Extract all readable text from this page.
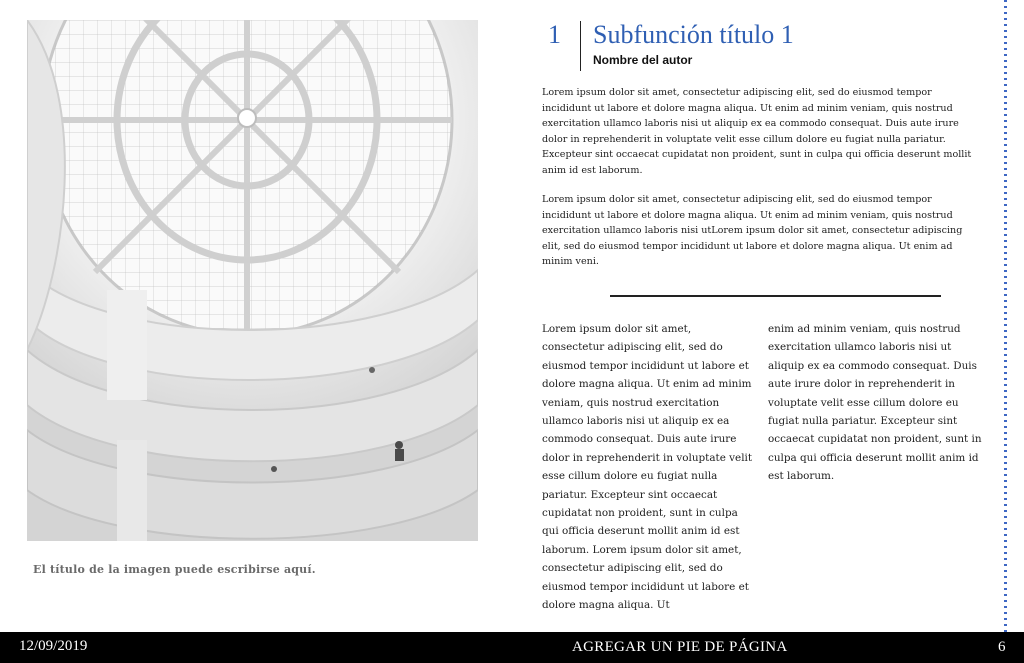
El título de la imagen puede escribirse aquí.
1 Subfunción título 1
Nombre del autor

Lorem ipsum dolor sit amet, consectetur adipiscing elit, sed do eiusmod tempor incididunt ut labore et dolore magna aliqua. Ut enim ad minim veniam, quis nostrud exercitation ullamco laboris nisi ut aliquip ex ea commodo consequat. Duis aute irure dolor in reprehenderit in voluptate velit esse cillum dolore eu fugiat nulla pariatur. Excepteur sint occaecat cupidatat non proident, sunt in culpa qui officia deserunt mollit anim id est laborum.

Lorem ipsum dolor sit amet, consectetur adipiscing elit, sed do eiusmod tempor incididunt ut labore et dolore magna aliqua. Ut enim ad minim veniam, quis nostrud exercitation ullamco laboris nisi utLorem ipsum dolor sit amet, consectetur adipiscing elit, sed do eiusmod tempor incididunt ut labore et dolore magna aliqua. Ut enim ad minim veni.

Lorem ipsum dolor sit amet, consectetur adipiscing elit, sed do eiusmod tempor incididunt ut labore et dolore magna aliqua. Ut enim ad minim veniam, quis nostrud exercitation ullamco laboris nisi ut aliquip ex ea commodo consequat. Duis aute irure dolor in reprehenderit in voluptate velit esse cillum dolore eu fugiat nulla pariatur. Excepteur sint occaecat cupidatat non proident, sunt in culpa qui officia deserunt mollit anim id est laborum. Lorem ipsum dolor sit amet, consectetur adipiscing elit, sed do eiusmod tempor incididunt ut labore et dolore magna aliqua. Ut

enim ad minim veniam, quis nostrud exercitation ullamco laboris nisi ut aliquip ex ea commodo consequat. Duis aute irure dolor in reprehenderit in voluptate velit esse cillum dolore eu fugiat nulla pariatur. Excepteur sint occaecat cupidatat non proident, sunt in culpa qui officia deserunt mollit anim id est laborum.

12/09/2019	AGREGAR UN PIE DE PÁGINA	6
